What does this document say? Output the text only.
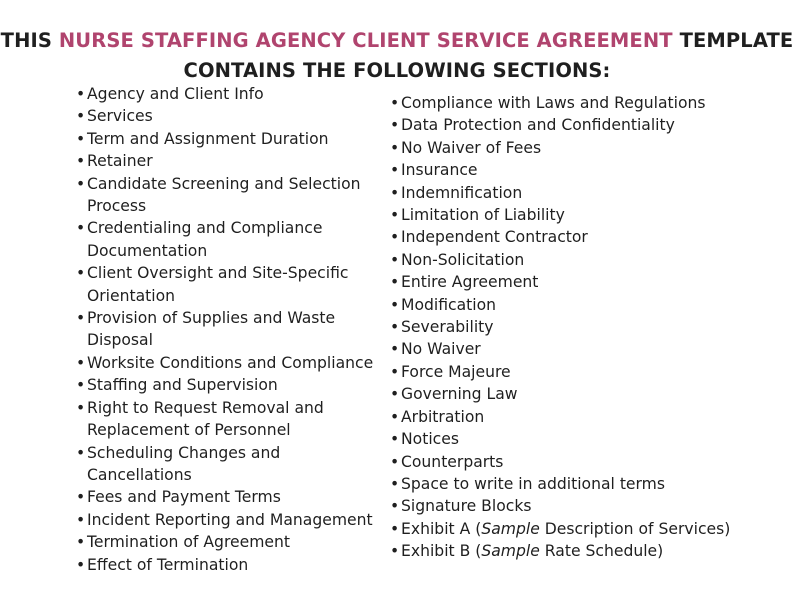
THIS NURSE STAFFING AGENCY CLIENT SERVICE AGREEMENT TEMPLATE
CONTAINS THE FOLLOWING SECTIONS:
• Agency and Client Info
• Services
• Term and Assignment Duration
• Retainer
• Candidate Screening and Selection Process
• Credentialing and Compliance Documentation
• Client Oversight and Site-Specific Orientation
• Provision of Supplies and Waste Disposal
• Worksite Conditions and Compliance
• Staffing and Supervision
• Right to Request Removal and Replacement of Personnel
• Scheduling Changes and Cancellations
• Fees and Payment Terms
• Incident Reporting and Management
• Termination of Agreement
• Effect of Termination
• Compliance with Laws and Regulations
• Data Protection and Confidentiality
• No Waiver of Fees
• Insurance
• Indemnification
• Limitation of Liability
• Independent Contractor
• Non-Solicitation
• Entire Agreement
• Modification
• Severability
• No Waiver
• Force Majeure
• Governing Law
• Arbitration
• Notices
• Counterparts
• Space to write in additional terms
• Signature Blocks
• Exhibit A (Sample Description of Services)
• Exhibit B (Sample Rate Schedule)
